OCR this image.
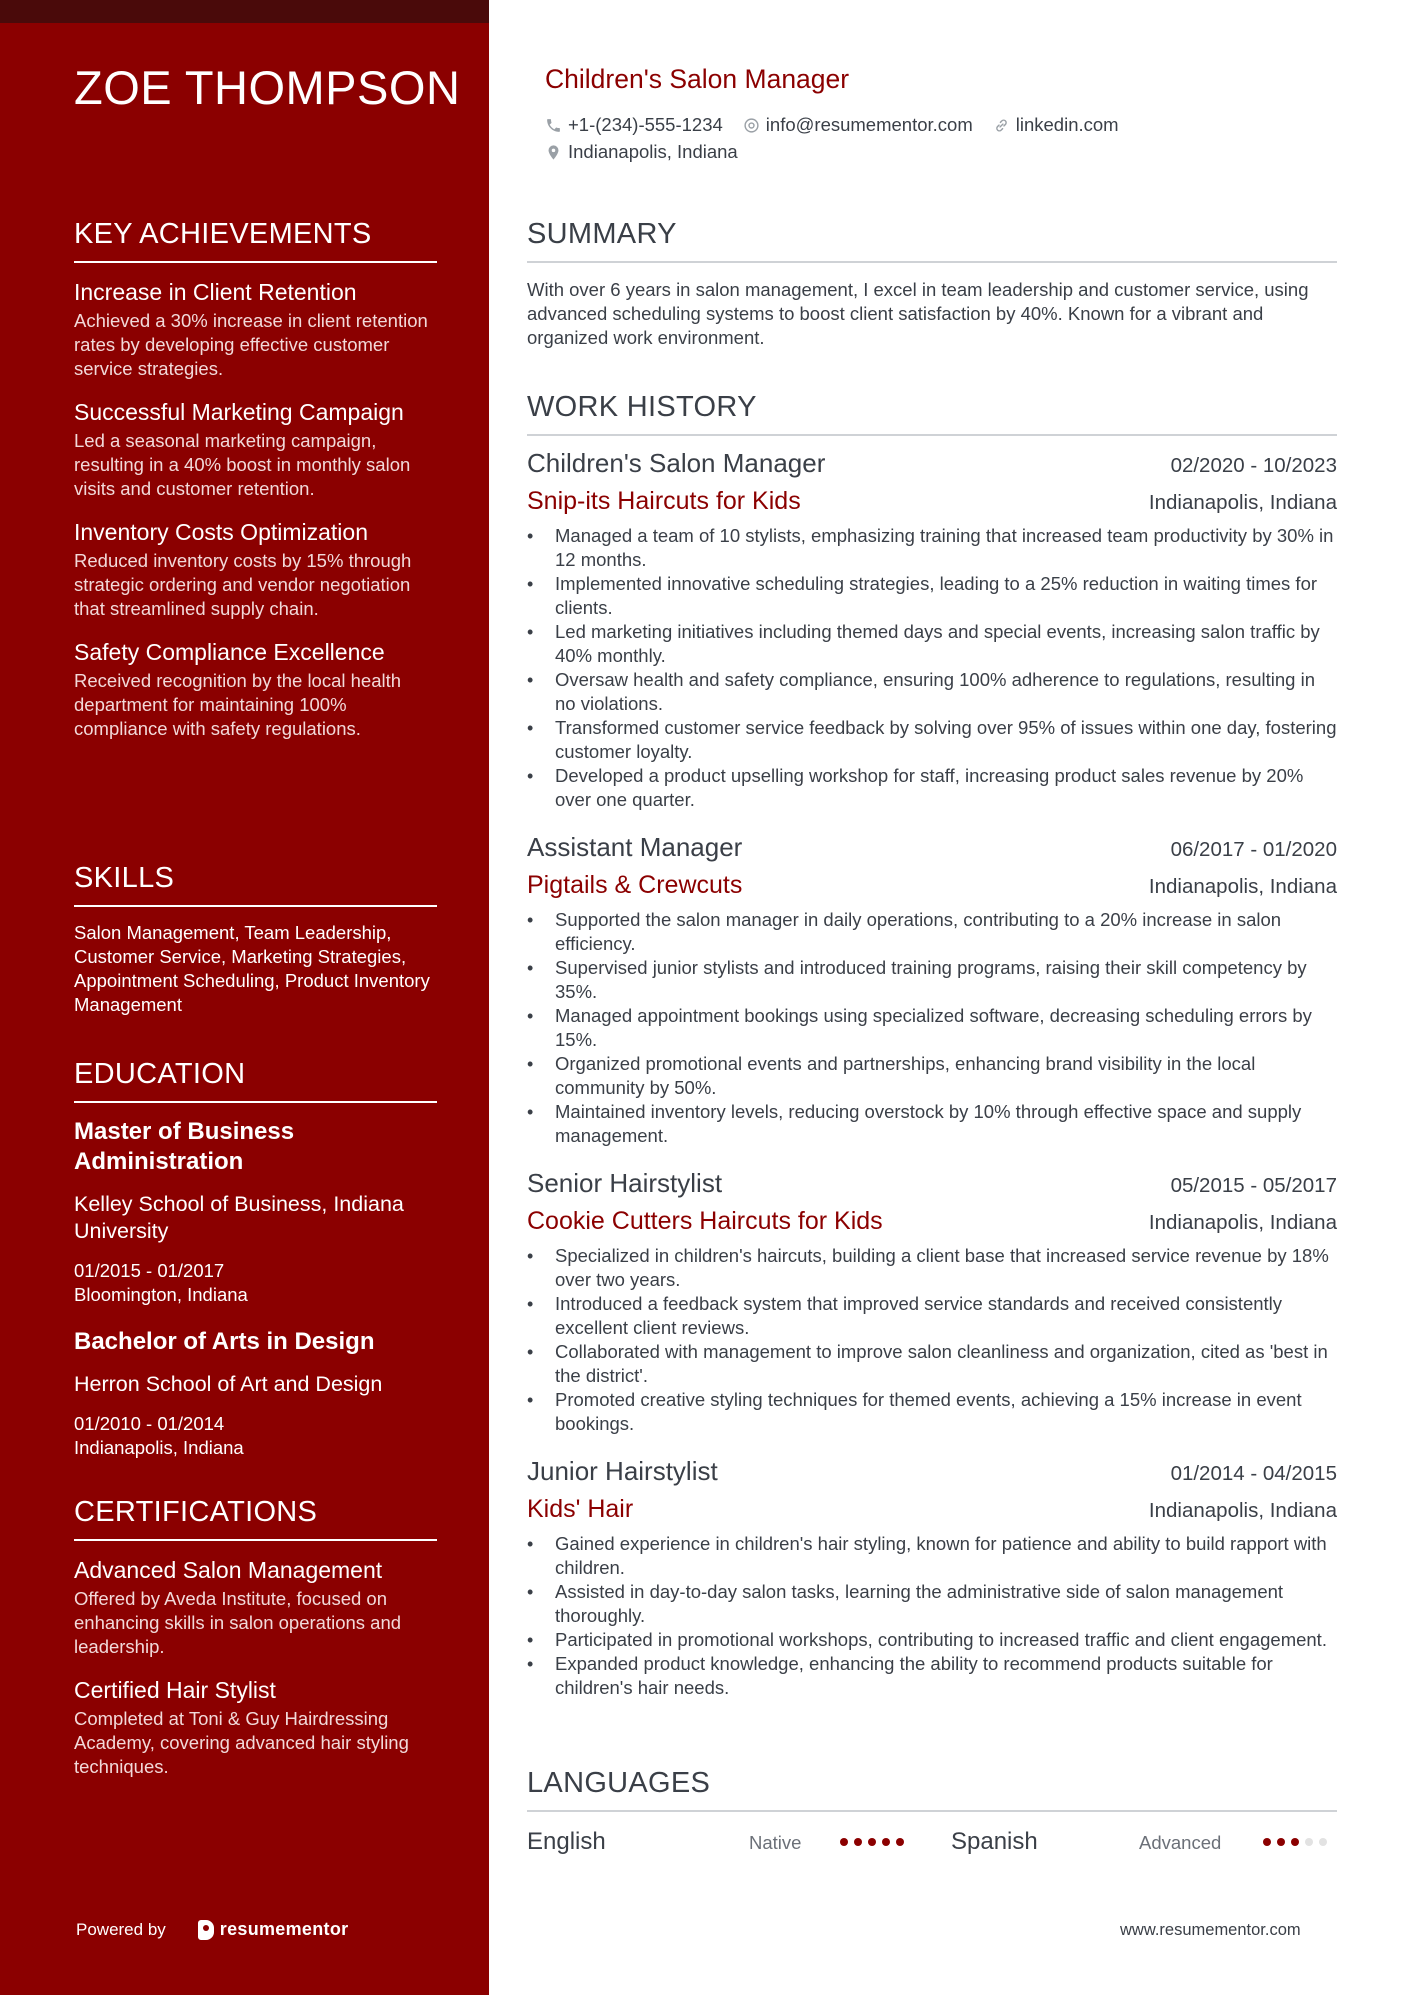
ZOE THOMPSON
KEY ACHIEVEMENTS
Increase in Client Retention
Achieved a 30% increase in client retention rates by developing effective customer service strategies.
Successful Marketing Campaign
Led a seasonal marketing campaign, resulting in a 40% boost in monthly salon visits and customer retention.
Inventory Costs Optimization
Reduced inventory costs by 15% through strategic ordering and vendor negotiation that streamlined supply chain.
Safety Compliance Excellence
Received recognition by the local health department for maintaining 100% compliance with safety regulations.
SKILLS
Salon Management, Team Leadership, Customer Service, Marketing Strategies, Appointment Scheduling, Product Inventory Management
EDUCATION
Master of Business Administration
Kelley School of Business, Indiana University
01/2015 - 01/2017
Bloomington, Indiana
Bachelor of Arts in Design
Herron School of Art and Design
01/2010 - 01/2014
Indianapolis, Indiana
CERTIFICATIONS
Advanced Salon Management
Offered by Aveda Institute, focused on enhancing skills in salon operations and leadership.
Certified Hair Stylist
Completed at Toni & Guy Hairdressing Academy, covering advanced hair styling techniques.
Powered by	resumementor
Children's Salon Manager
+1-(234)-555-1234 info@resumementor.com linkedin.com
Indianapolis, Indiana
SUMMARY
With over 6 years in salon management, I excel in team leadership and customer service, using advanced scheduling systems to boost client satisfaction by 40%. Known for a vibrant and organized work environment.
WORK HISTORY
Children's Salon Manager	02/2020 - 10/2023
Snip-its Haircuts for Kids	Indianapolis, Indiana
• Managed a team of 10 stylists, emphasizing training that increased team productivity by 30% in 12 months.
• Implemented innovative scheduling strategies, leading to a 25% reduction in waiting times for clients.
• Led marketing initiatives including themed days and special events, increasing salon traffic by 40% monthly.
• Oversaw health and safety compliance, ensuring 100% adherence to regulations, resulting in no violations.
• Transformed customer service feedback by solving over 95% of issues within one day, fostering customer loyalty.
• Developed a product upselling workshop for staff, increasing product sales revenue by 20% over one quarter.
Assistant Manager	06/2017 - 01/2020
Pigtails & Crewcuts	Indianapolis, Indiana
• Supported the salon manager in daily operations, contributing to a 20% increase in salon efficiency.
• Supervised junior stylists and introduced training programs, raising their skill competency by 35%.
• Managed appointment bookings using specialized software, decreasing scheduling errors by 15%.
• Organized promotional events and partnerships, enhancing brand visibility in the local community by 50%.
• Maintained inventory levels, reducing overstock by 10% through effective space and supply management.
Senior Hairstylist	05/2015 - 05/2017
Cookie Cutters Haircuts for Kids	Indianapolis, Indiana
• Specialized in children's haircuts, building a client base that increased service revenue by 18% over two years.
• Introduced a feedback system that improved service standards and received consistently excellent client reviews.
• Collaborated with management to improve salon cleanliness and organization, cited as 'best in the district'.
• Promoted creative styling techniques for themed events, achieving a 15% increase in event bookings.
Junior Hairstylist	01/2014 - 04/2015
Kids' Hair	Indianapolis, Indiana
• Gained experience in children's hair styling, known for patience and ability to build rapport with children.
• Assisted in day-to-day salon tasks, learning the administrative side of salon management thoroughly.
• Participated in promotional workshops, contributing to increased traffic and client engagement.
• Expanded product knowledge, enhancing the ability to recommend products suitable for children's hair needs.
LANGUAGES
English	Native	Spanish	Advanced
www.resumementor.com
